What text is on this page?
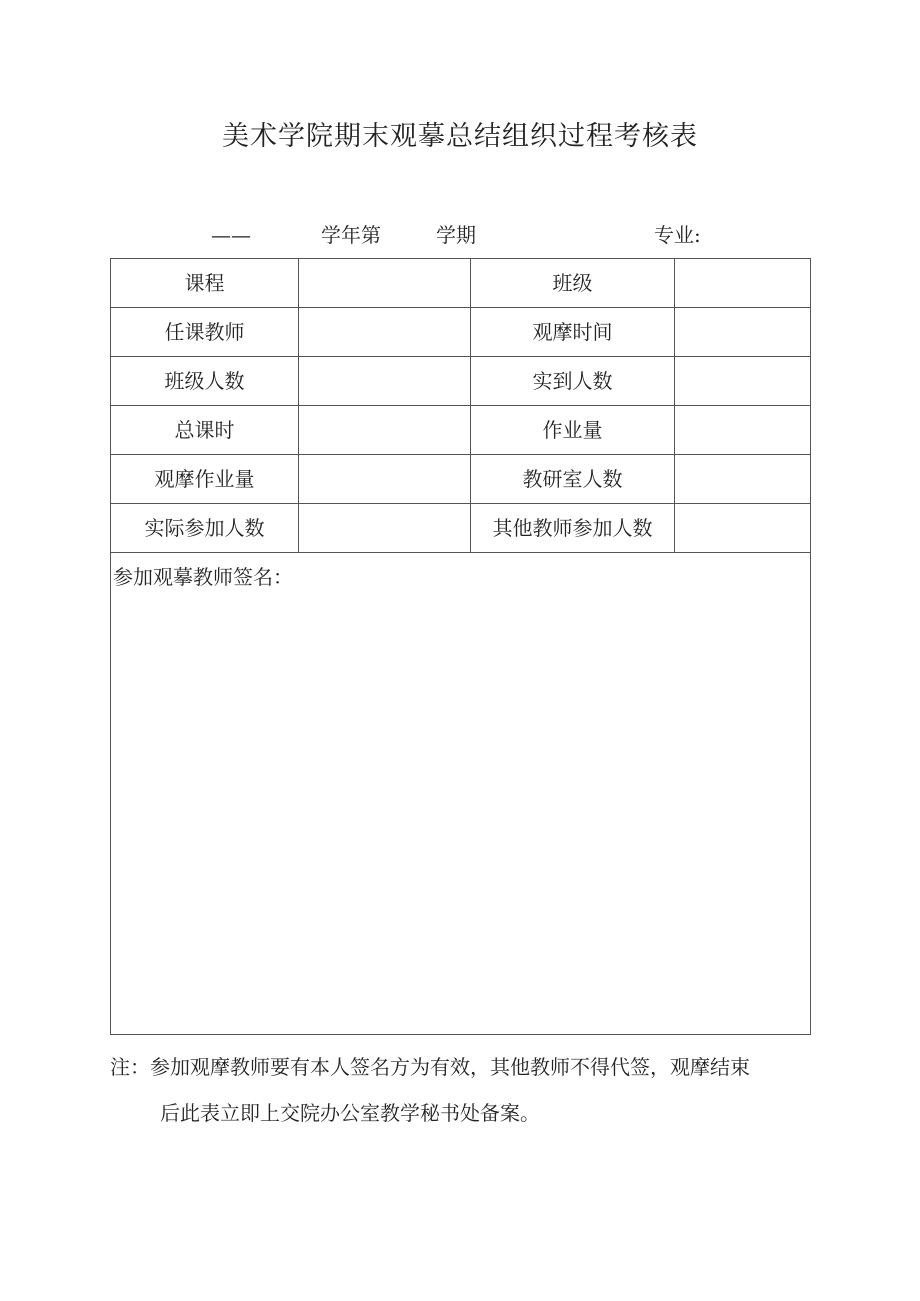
美术学院期末观摹总结组织过程考核表
——	学年第	学期	专业:
课程		班级	
任课教师		观摩时间	
班级人数		实到人数	
总课时		作业量	
观摩作业量		教研室人数	
实际参加人数		其他教师参加人数	
参加观摹教师签名：			
注：参加观摩教师要有本人签名方为有效，其他教师不得代签，观摩结束
后此表立即上交院办公室教学秘书处备案。
